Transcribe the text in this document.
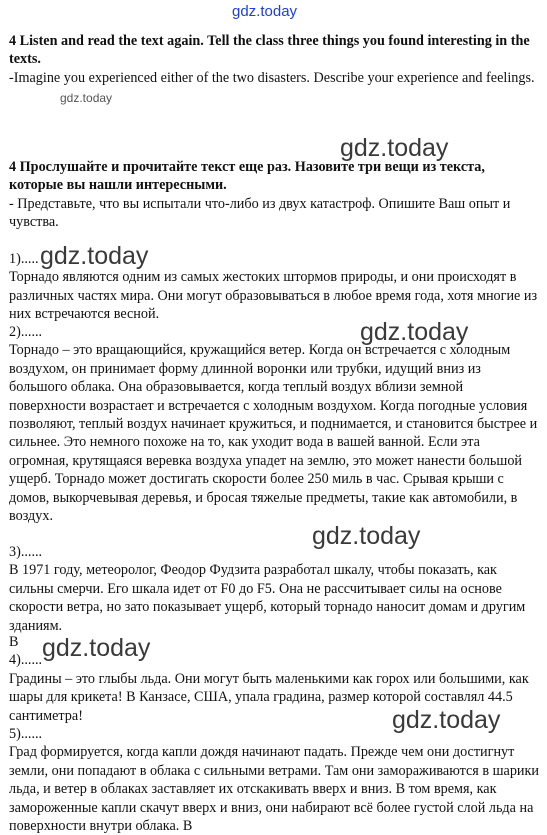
gdz.today

4 Listen and read the text again. Tell the class three things you found interesting in the texts.

-Imagine you experienced either of the two disasters. Describe your experience and feelings.

gdz.today
gdz.today

4 Прослушайте и прочитайте текст еще раз. Назовите три вещи из текста, которые вы нашли интересными.

- Представьте, что вы испытали что-либо из двух катастроф. Опишите Ваш опыт и чувства.

gdz.today
1).....

Торнадо являются одним из самых жестоких штормов природы, и они происходят в различных частях мира. Они могут образовываться в любое время года, хотя многие из них встречаются весной.

gdz.today
2)......

Торнадо – это вращающийся, кружащийся ветер. Когда он встречается с холодным воздухом, он принимает форму длинной воронки или трубки, идущий вниз из большого облака. Она образовывается, когда теплый воздух вблизи земной поверхности возрастает и встречается с холодным воздухом. Когда погодные условия позволяют, теплый воздух начинает кружиться, и поднимается, и становится быстрее и сильнее. Это немного похоже на то, как уходит вода в вашей ванной. Если эта огромная, крутящаяся веревка воздуха упадет на землю, это может нанести большой ущерб. Торнадо может достигать скорости более 250 миль в час. Срывая крыши с домов, выкорчевывая деревья, и бросая тяжелые предметы, такие как автомобили, в воздух.

gdz.today
3)......

В 1971 году, метеоролог, Феодор Фудзита разработал шкалу, чтобы показать, как сильны смерчи. Его шкала идет от F0 до F5. Она не рассчитывает силы на основе скорости ветра, но зато показывает ущерб, который торнадо наносит домам и другим зданиям.

gdz.today
В
4)......

Градины – это глыбы льда. Они могут быть маленькими как горох или большими, как шары для крикета! В Канзасе, США, упала градина, размер которой составлял 44.5 сантиметра!	gdz.today
5)......

Град формируется, когда капли дождя начинают падать. Прежде чем они достигнут земли, они попадают в облака с сильными ветрами. Там они замораживаются в шарики льда, и ветер в облаках заставляет их отскакивать вверх и вниз. В том время, как замороженные капли скачут вверх и вниз, они набирают всё более густой слой льда на поверхности внутри облака. В
